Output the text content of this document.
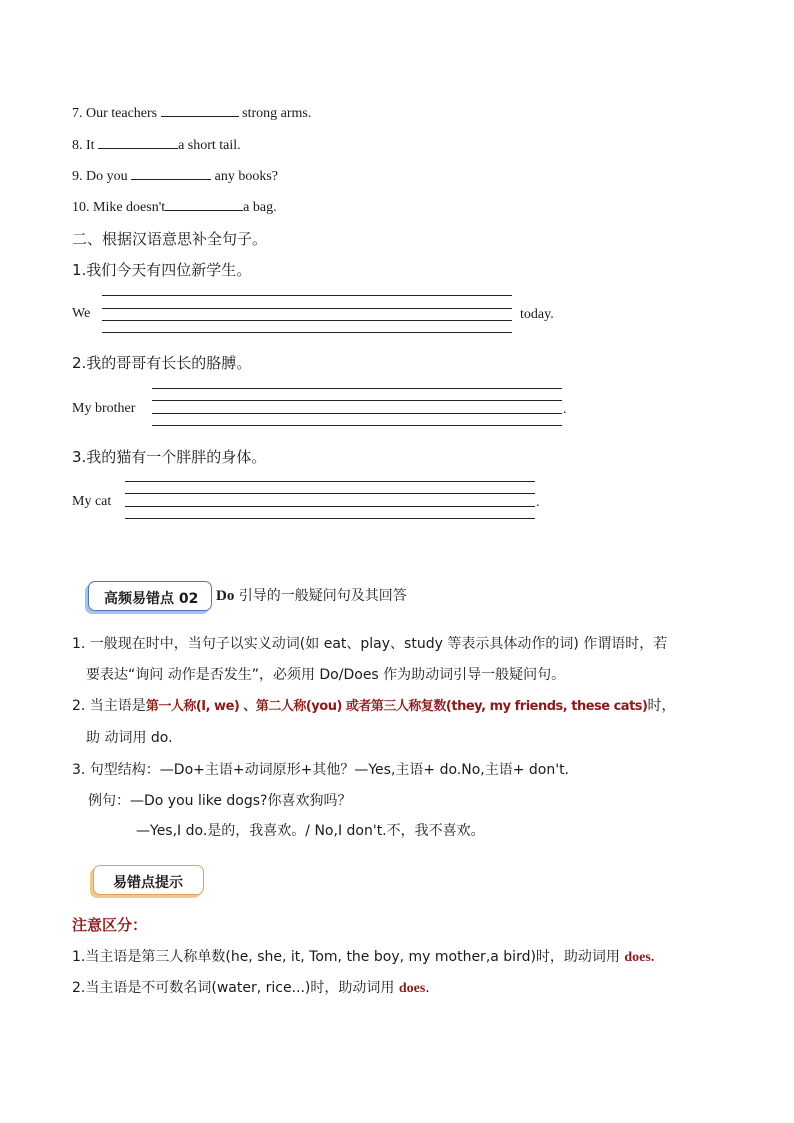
7. Our teachers	strong arms.
8. It	a short tail.
9. Do you	any books?
10. Mike doesn't	a bag.
二、根据汉语意思补全句子。
1.我们今天有四位新学生。
We	today.
2.我的哥哥有长长的胳膊。
My brother	.
3.我的猫有一个胖胖的身体。
My cat	.
高频易错点 02 Do 引导的一般疑问句及其回答
1. 一般现在时中，当句子以实义动词(如 eat、play、study 等表示具体动作的词) 作谓语时，若
要表达“询问 动作是否发生”，必须用 Do/Does 作为助动词引导一般疑问句。
2. 当主语是第一人称(I, we) 、第二人称(you) 或者第三人称复数(they, my friends, these cats)时，
助 动词用 do.
3. 句型结构：—Do+主语+动词原形+其他？—Yes,主语+ do.No,主语+ don't.
例句：—Do you like dogs?你喜欢狗吗？
—Yes,I do.是的，我喜欢。/ No,I don't.不，我不喜欢。
易错点提示
注意区分：
1.当主语是第三人称单数(he, she, it, Tom, the boy, my mother,a bird)时，助动词用 does.
2.当主语是不可数名词(water, rice...)时，助动词用 does.
